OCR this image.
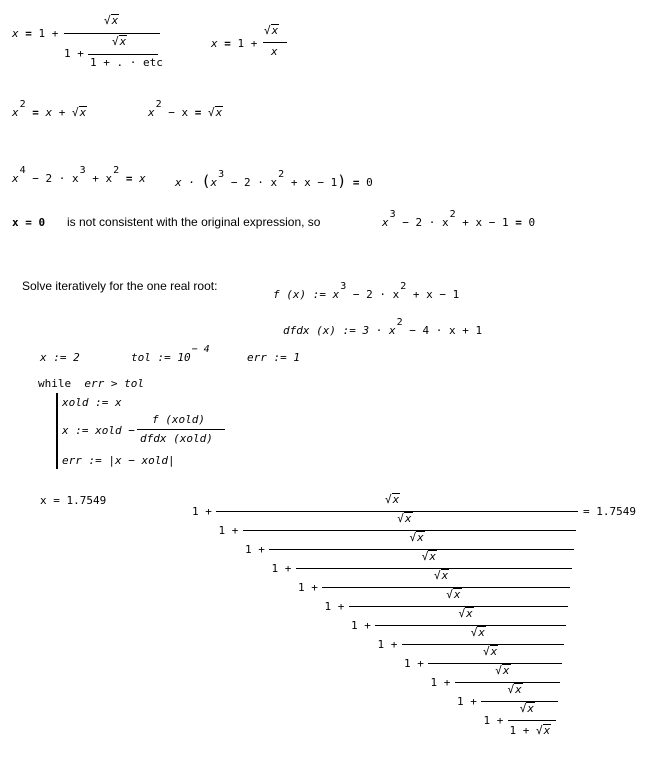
x = 1 +
√x
1 +
√x
1 + . · etc
x = 1 +
√x
x
x2 = x + √x	x2 − x = √x
x4 − 2 · x3 + x2 = x	x · (x3 − 2 · x2 + x − 1) = 0
x = 0 is not consistent with the original expression, so	x3 − 2 · x2 + x − 1 = 0
Solve iteratively for the one real root:
f (x) := x3 − 2 · x2 + x − 1
dfdx (x) := 3 · x2 − 4 · x + 1
x := 2	tol := 10− 4
err := 1
while err > tol
xold := x
x := xold −
f (xold)
dfdx (xold)
err := |x − xold|
x = 1.7549
1 +
√x
1 +
√x
1 +
√x
1 +
√x
1 +
√x
1 +
√x
1 +
√x
1 +
√x
1 +
√x
1 +
√x
1 +
√x
1 +
√x
1 + √x
= 1.7549
